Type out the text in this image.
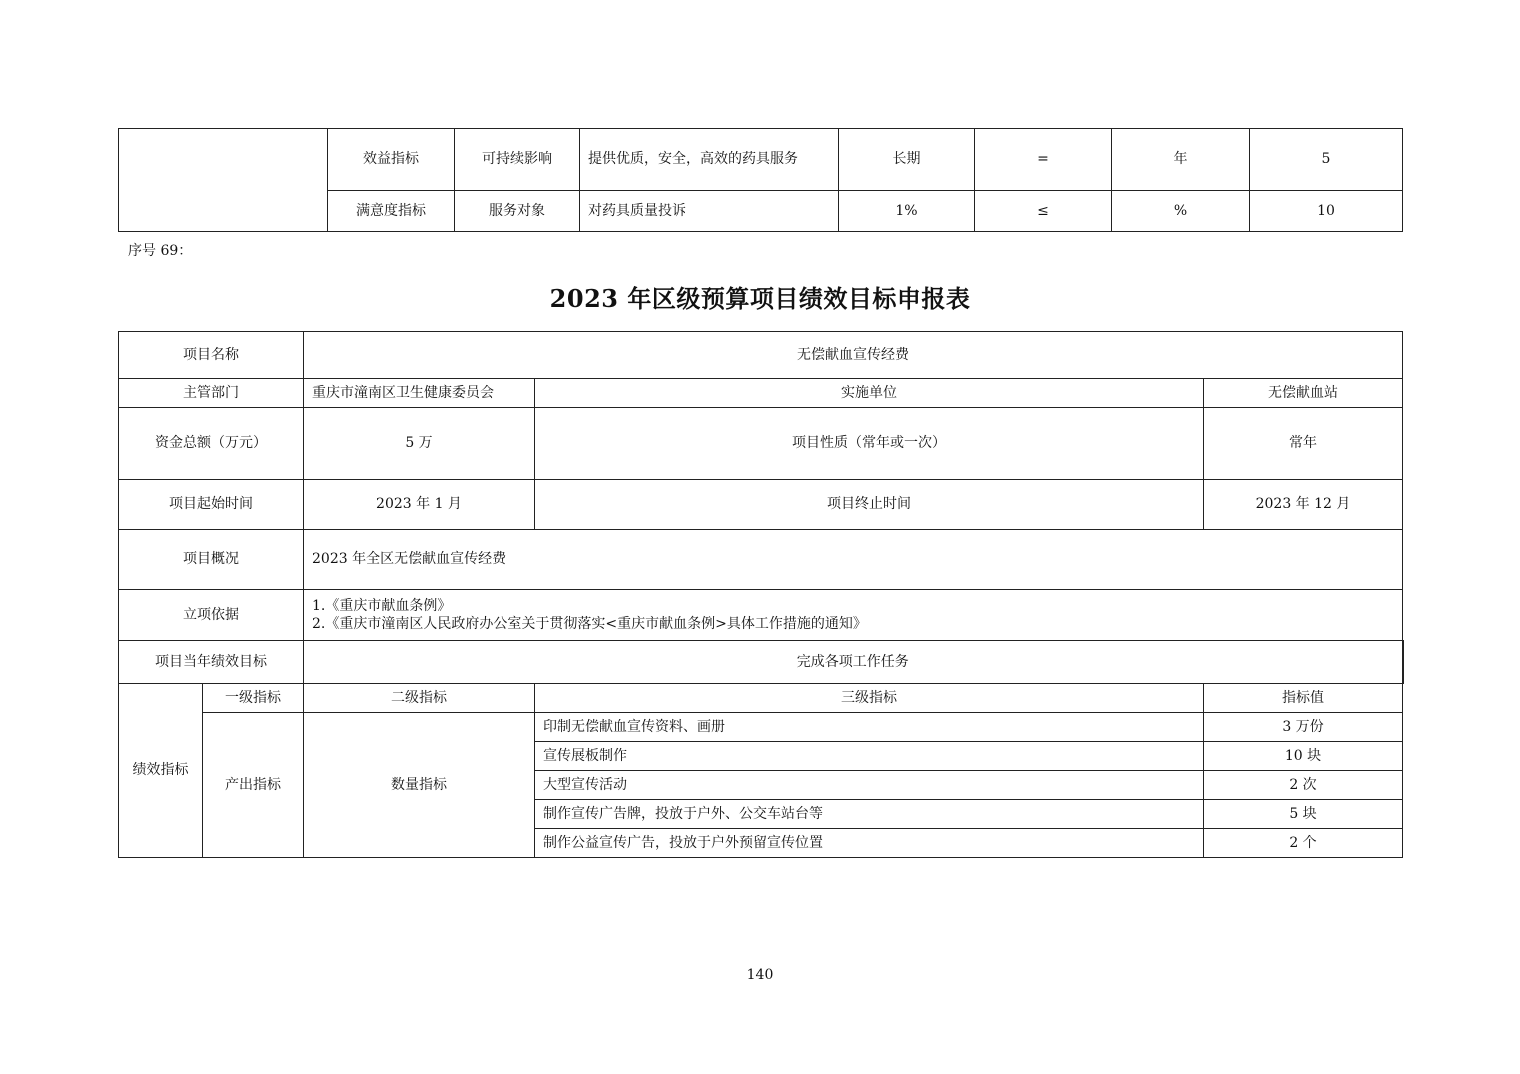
	效益指标	可持续影响	提供优质，安全，高效的药具服务	长期	=	年	5
	满意度指标	服务对象	对药具质量投诉	1%	≤	%	10
序号 69：
2023 年区级预算项目绩效目标申报表
项目名称		无偿献血宣传经费		
主管部门		重庆市潼南区卫生健康委员会	实施单位	无偿献血站
资金总额（万元）		5 万	项目性质（常年或一次）	常年
项目起始时间		2023 年 1 月	项目终止时间	2023 年 12 月
项目概况		2023 年全区无偿献血宣传经费		
立项依据		1.《重庆市献血条例》
2.《重庆市潼南区人民政府办公室关于贯彻落实<重庆市献血条例>具体工作措施的通知》		

项目当年绩效目标		完成各项工作任务		
绩效指标	一级指标	二级指标	三级指标	指标值
	产出指标	数量指标	印制无偿献血宣传资料、画册	3 万份
			宣传展板制作	10 块
			大型宣传活动	2 次
			制作宣传广告牌，投放于户外、公交车站台等	5 块
			制作公益宣传广告，投放于户外预留宣传位置	2 个
140
